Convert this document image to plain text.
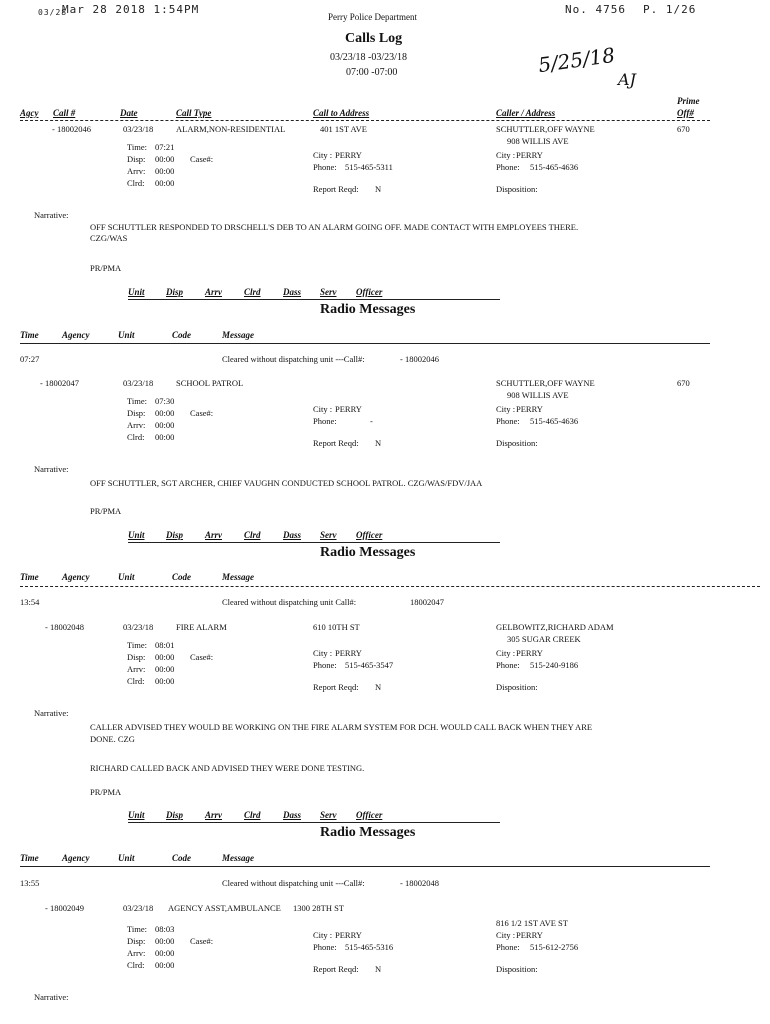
03/28
Mar 28 2018 1:54PM
Perry Police Department
No. 4756 P. 1/26
Calls Log
03/23/18 -03/23/18
07:00 -07:00	5/25/18
AJ
Prime
Agcy Call #	Date	Call Type	Call to Address	Caller / Address	Off#
- 18002046	03/23/18	ALARM,NON-RESIDENTIAL	401 1ST AVE	SCHUTTLER,OFF WAYNE	670
908 WILLIS AVE
Time: 07:21
Disp: 00:00 Case#:
Arrv: 00:00
Clrd: 00:00
City : PERRY
Phone: 515-465-5311
Report Reqd: N
City : PERRY
Phone: 515-465-4636
Disposition:
Narrative:
OFF SCHUTTLER RESPONDED TO DRSCHELL'S DEB TO AN ALARM GOING OFF. MADE CONTACT WITH EMPLOYEES THERE.
CZG/WAS
PR/PMA
Unit Disp Arrv Clrd Dass Serv Officer
Radio Messages
Time	Agency	Unit	Code	Message
07:27	Cleared without dispatching unit ---Call#:	- 18002046
- 18002047	03/23/18	SCHOOL PATROL	SCHUTTLER,OFF WAYNE	670
908 WILLIS AVE
Time: 07:30
Disp: 00:00 Case#:
Arrv: 00:00
Clrd: 00:00
City : PERRY
Phone:	-
Report Reqd: N
City : PERRY
Phone: 515-465-4636
Disposition:
Narrative:
OFF SCHUTTLER, SGT ARCHER, CHIEF VAUGHN CONDUCTED SCHOOL PATROL. CZG/WAS/FDV/JAA
PR/PMA
Unit Disp Arrv Clrd Dass Serv Officer
Radio Messages
Time	Agency	Unit	Code	Message
13:54	Cleared without dispatching unit Call#:	18002047
- 18002048	03/23/18	FIRE ALARM	610 10TH ST	GELBOWITZ,RICHARD ADAM
305 SUGAR CREEK
Time: 08:01
Disp: 00:00 Case#:
Arrv: 00:00
Clrd: 00:00
City : PERRY
Phone: 515-465-3547
Report Reqd: N
City : PERRY
Phone: 515-240-9186
Disposition:
Narrative:
CALLER ADVISED THEY WOULD BE WORKING ON THE FIRE ALARM SYSTEM FOR DCH. WOULD CALL BACK WHEN THEY ARE
DONE. CZG
RICHARD CALLED BACK AND ADVISED THEY WERE DONE TESTING.
PR/PMA
Unit Disp Arrv Clrd Dass Serv Officer
Radio Messages
Time	Agency	Unit	Code	Message
13:55	Cleared without dispatching unit ---Call#:	- 18002048
- 18002049	03/23/18 AGENCY ASST,AMBULANCE 1300 28TH ST
816 1/2 1ST AVE ST
Time: 08:03
Disp: 00:00 Case#:
Arrv: 00:00
Clrd: 00:00
City : PERRY
Phone: 515-465-5316
Report Reqd: N
City : PERRY
Phone: 515-612-2756
Disposition:
Narrative:
